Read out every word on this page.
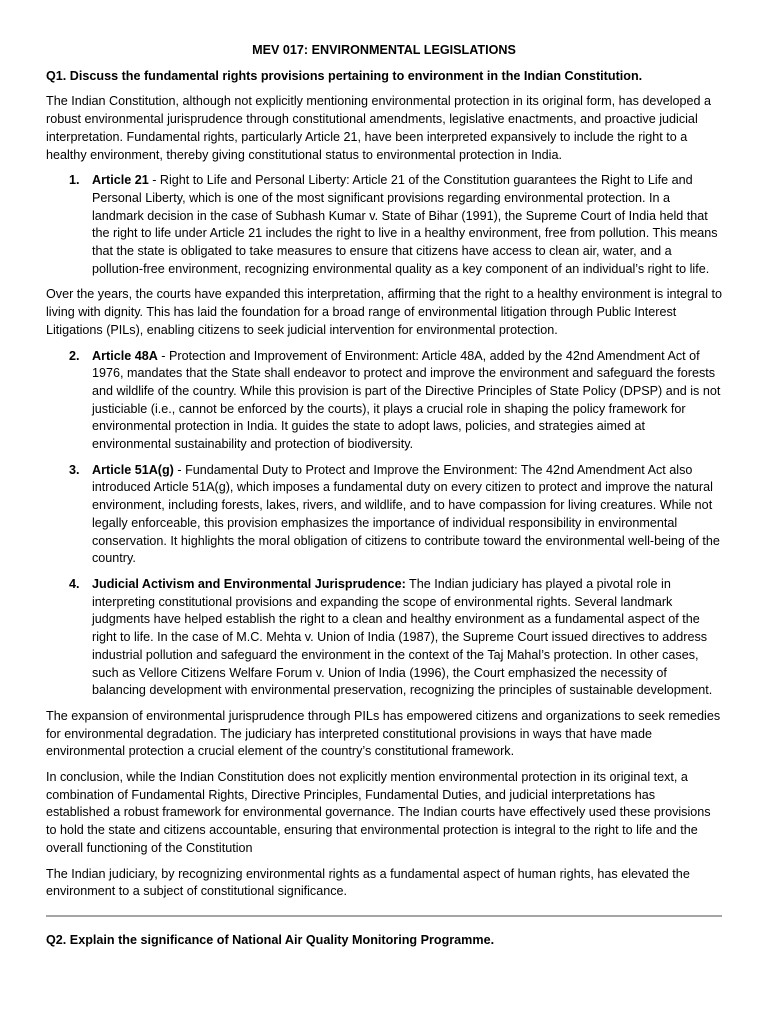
MEV 017: ENVIRONMENTAL LEGISLATIONS
Q1. Discuss the fundamental rights provisions pertaining to environment in the Indian Constitution.

The Indian Constitution, although not explicitly mentioning environmental protection in its original form, has developed a robust environmental jurisprudence through constitutional amendments, legislative enactments, and proactive judicial interpretation. Fundamental rights, particularly Article 21, have been interpreted expansively to include the right to a healthy environment, thereby giving constitutional status to environmental protection in India.

1. Article 21 - Right to Life and Personal Liberty: Article 21 of the Constitution guarantees the Right to Life and Personal Liberty, which is one of the most significant provisions regarding environmental protection. In a landmark decision in the case of Subhash Kumar v. State of Bihar (1991), the Supreme Court of India held that the right to life under Article 21 includes the right to live in a healthy environment, free from pollution. This means that the state is obligated to take measures to ensure that citizens have access to clean air, water, and a pollution-free environment, recognizing environmental quality as a key component of an individual’s right to life.

Over the years, the courts have expanded this interpretation, affirming that the right to a healthy environment is integral to living with dignity. This has laid the foundation for a broad range of environmental litigation through Public Interest Litigations (PILs), enabling citizens to seek judicial intervention for environmental protection.

2. Article 48A - Protection and Improvement of Environment: Article 48A, added by the 42nd Amendment Act of 1976, mandates that the State shall endeavor to protect and improve the environment and safeguard the forests and wildlife of the country. While this provision is part of the Directive Principles of State Policy (DPSP) and is not justiciable (i.e., cannot be enforced by the courts), it plays a crucial role in shaping the policy framework for environmental protection in India. It guides the state to adopt laws, policies, and strategies aimed at environmental sustainability and protection of biodiversity.
3. Article 51A(g) - Fundamental Duty to Protect and Improve the Environment: The 42nd Amendment Act also introduced Article 51A(g), which imposes a fundamental duty on every citizen to protect and improve the natural environment, including forests, lakes, rivers, and wildlife, and to have compassion for living creatures. While not legally enforceable, this provision emphasizes the importance of individual responsibility in environmental conservation. It highlights the moral obligation of citizens to contribute toward the environmental well-being of the country.
4. Judicial Activism and Environmental Jurisprudence: The Indian judiciary has played a pivotal role in interpreting constitutional provisions and expanding the scope of environmental rights. Several landmark judgments have helped establish the right to a clean and healthy environment as a fundamental aspect of the right to life. In the case of M.C. Mehta v. Union of India (1987), the Supreme Court issued directives to address industrial pollution and safeguard the environment in the context of the Taj Mahal’s protection. In other cases, such as Vellore Citizens Welfare Forum v. Union of India (1996), the Court emphasized the necessity of balancing development with environmental preservation, recognizing the principles of sustainable development.

The expansion of environmental jurisprudence through PILs has empowered citizens and organizations to seek remedies for environmental degradation. The judiciary has interpreted constitutional provisions in ways that have made environmental protection a crucial element of the country’s constitutional framework.

In conclusion, while the Indian Constitution does not explicitly mention environmental protection in its original text, a combination of Fundamental Rights, Directive Principles, Fundamental Duties, and judicial interpretations has established a robust framework for environmental governance. The Indian courts have effectively used these provisions to hold the state and citizens accountable, ensuring that environmental protection is integral to the right to life and the overall functioning of the Constitution

The Indian judiciary, by recognizing environmental rights as a fundamental aspect of human rights, has elevated the environment to a subject of constitutional significance.

Q2. Explain the significance of National Air Quality Monitoring Programme.
